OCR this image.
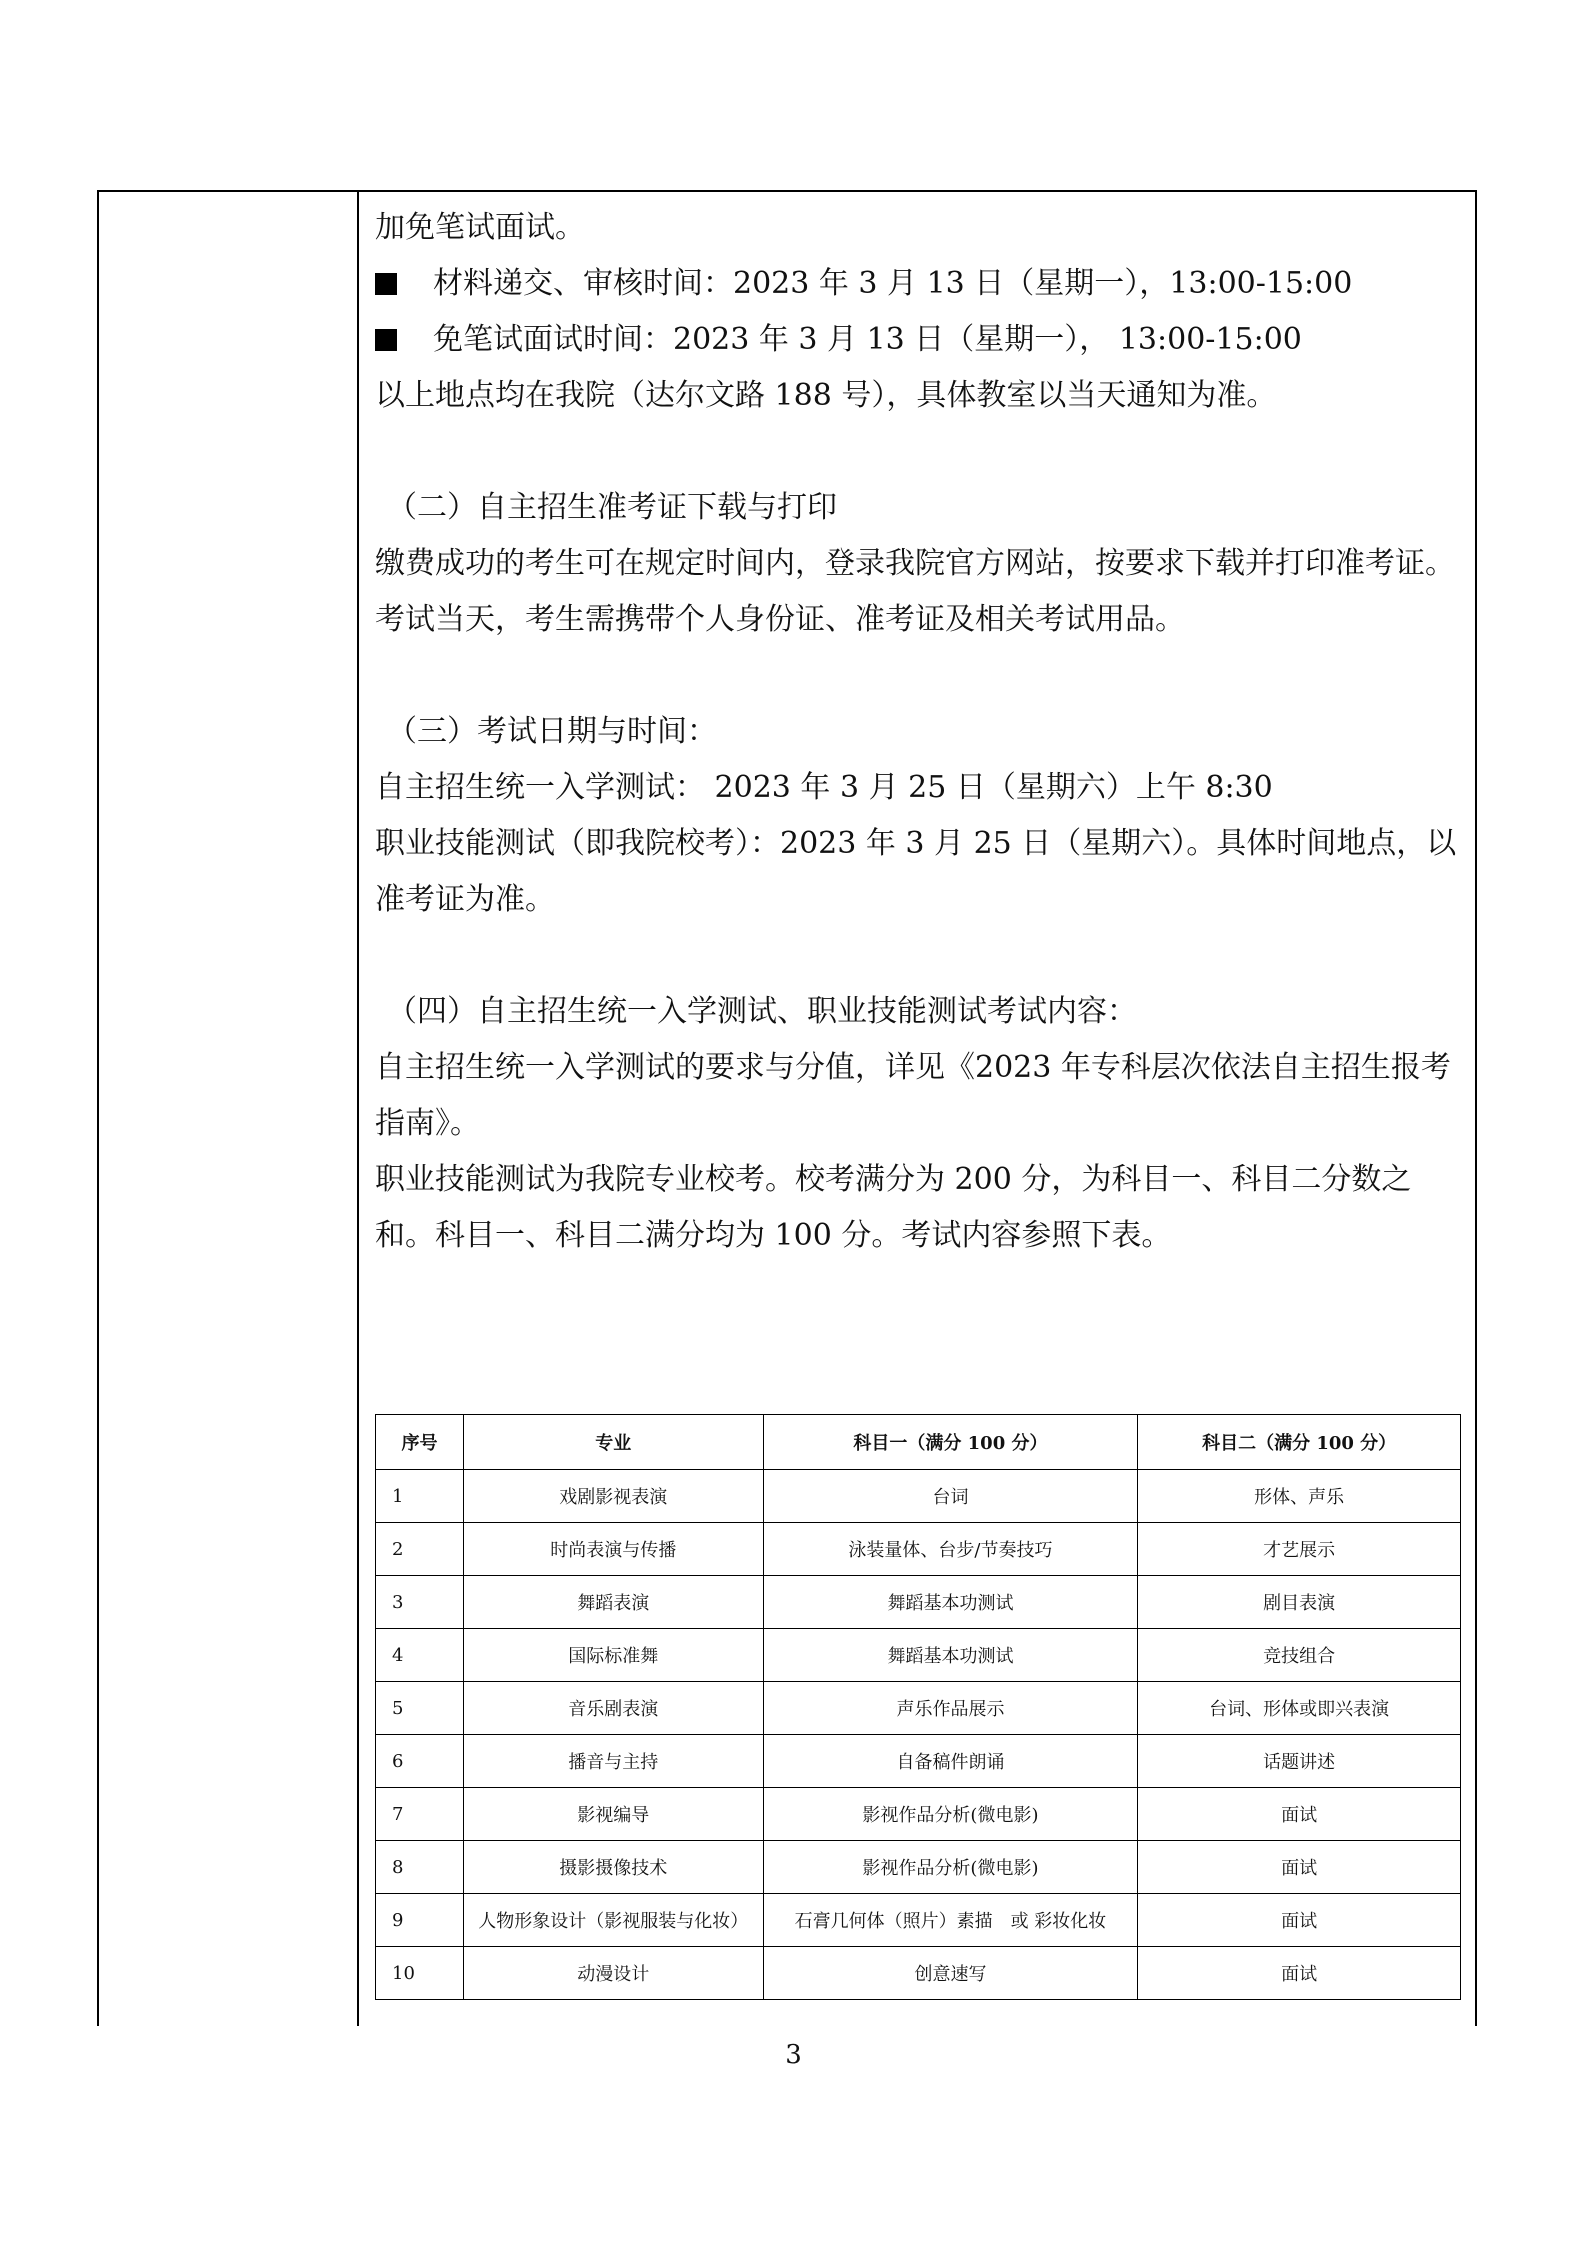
加免笔试面试。

材料递交、审核时间：2023 年 3 月 13 日（星期一），13:00-15:00

免笔试面试时间：2023 年 3 月 13 日（星期一）， 13:00-15:00

以上地点均在我院（达尔文路 188 号），具体教室以当天通知为准。

（二）自主招生准考证下载与打印

缴费成功的考生可在规定时间内，登录我院官方网站，按要求下载并打印准考证。

考试当天，考生需携带个人身份证、准考证及相关考试用品。

（三）考试日期与时间：

自主招生统一入学测试： 2023 年 3 月 25 日（星期六）上午 8:30

职业技能测试（即我院校考）：2023 年 3 月 25 日（星期六）。具体时间地点，以准考证为准。

（四）自主招生统一入学测试、职业技能测试考试内容：

自主招生统一入学测试的要求与分值，详见《2023 年专科层次依法自主招生报考指南》。

职业技能测试为我院专业校考。校考满分为 200 分，为科目一、科目二分数之和。科目一、科目二满分均为 100 分。考试内容参照下表。

序号	专业	科目一（满分 100 分）	科目二（满分 100 分）
1	戏剧影视表演	台词	形体、声乐
2	时尚表演与传播	泳装量体、台步/节奏技巧	才艺展示
3	舞蹈表演	舞蹈基本功测试	剧目表演
4	国际标准舞	舞蹈基本功测试	竞技组合
5	音乐剧表演	声乐作品展示	台词、形体或即兴表演
6	播音与主持	自备稿件朗诵	话题讲述
7	影视编导	影视作品分析(微电影)	面试
8	摄影摄像技术	影视作品分析(微电影)	面试
9	人物形象设计（影视服装与化妆）	石膏几何体（照片）素描　或 彩妆化妆	面试
10	动漫设计	创意速写	面试
3
